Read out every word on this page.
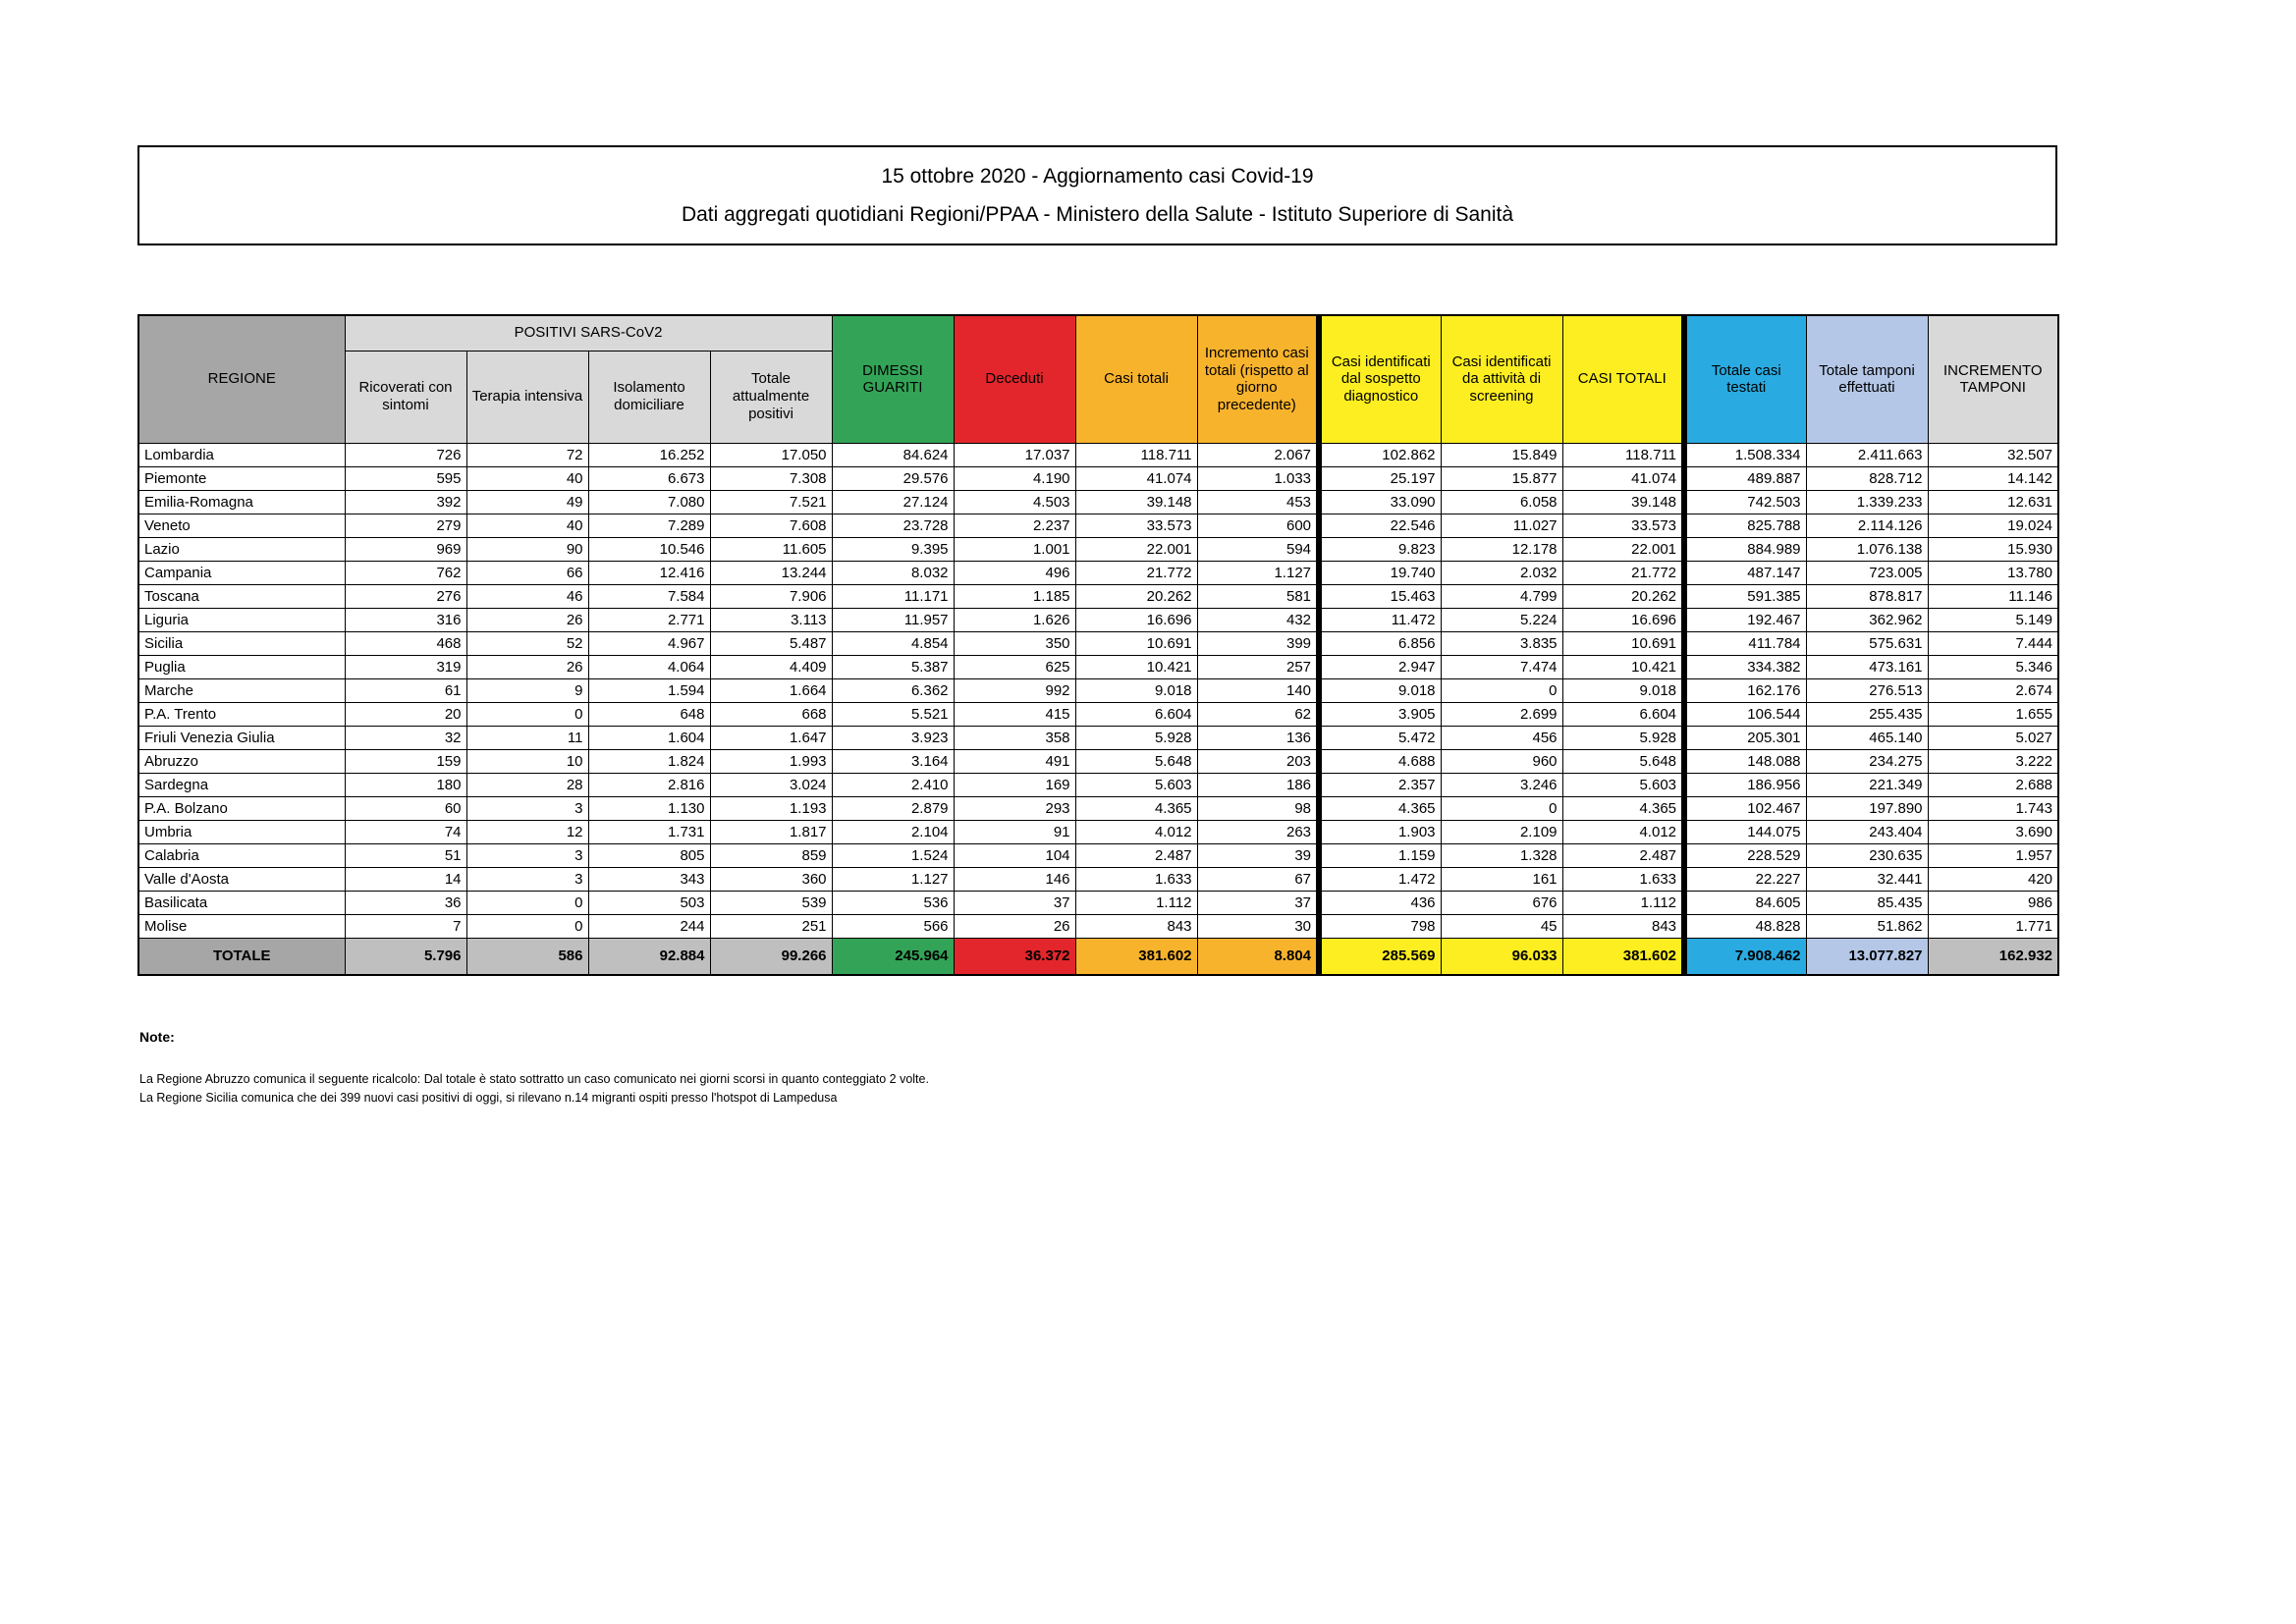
15 ottobre 2020 - Aggiornamento casi Covid-19
Dati aggregati quotidiani Regioni/PPAA - Ministero della Salute - Istituto Superiore di Sanità
REGIONE	POSITIVI SARS-CoV2				DIMESSI GUARITI	Deceduti	Casi totali	Incremento casi totali (rispetto al giorno precedente)	Casi identificati dal sospetto diagnostico	Casi identificati da attività di screening	CASI TOTALI	Totale casi testati	Totale tamponi effettuati	INCREMENTO TAMPONI
	Ricoverati con sintomi	Terapia intensiva	Isolamento domiciliare	Totale attualmente positivi										
Lombardia	726	72	16.252	17.050	84.624	17.037	118.711	2.067	102.862	15.849	118.711	1.508.334	2.411.663	32.507
Piemonte	595	40	6.673	7.308	29.576	4.190	41.074	1.033	25.197	15.877	41.074	489.887	828.712	14.142
Emilia-Romagna	392	49	7.080	7.521	27.124	4.503	39.148	453	33.090	6.058	39.148	742.503	1.339.233	12.631
Veneto	279	40	7.289	7.608	23.728	2.237	33.573	600	22.546	11.027	33.573	825.788	2.114.126	19.024
Lazio	969	90	10.546	11.605	9.395	1.001	22.001	594	9.823	12.178	22.001	884.989	1.076.138	15.930
Campania	762	66	12.416	13.244	8.032	496	21.772	1.127	19.740	2.032	21.772	487.147	723.005	13.780
Toscana	276	46	7.584	7.906	11.171	1.185	20.262	581	15.463	4.799	20.262	591.385	878.817	11.146
Liguria	316	26	2.771	3.113	11.957	1.626	16.696	432	11.472	5.224	16.696	192.467	362.962	5.149
Sicilia	468	52	4.967	5.487	4.854	350	10.691	399	6.856	3.835	10.691	411.784	575.631	7.444
Puglia	319	26	4.064	4.409	5.387	625	10.421	257	2.947	7.474	10.421	334.382	473.161	5.346
Marche	61	9	1.594	1.664	6.362	992	9.018	140	9.018	0	9.018	162.176	276.513	2.674
P.A. Trento	20	0	648	668	5.521	415	6.604	62	3.905	2.699	6.604	106.544	255.435	1.655
Friuli Venezia Giulia	32	11	1.604	1.647	3.923	358	5.928	136	5.472	456	5.928	205.301	465.140	5.027
Abruzzo	159	10	1.824	1.993	3.164	491	5.648	203	4.688	960	5.648	148.088	234.275	3.222
Sardegna	180	28	2.816	3.024	2.410	169	5.603	186	2.357	3.246	5.603	186.956	221.349	2.688
P.A. Bolzano	60	3	1.130	1.193	2.879	293	4.365	98	4.365	0	4.365	102.467	197.890	1.743
Umbria	74	12	1.731	1.817	2.104	91	4.012	263	1.903	2.109	4.012	144.075	243.404	3.690
Calabria	51	3	805	859	1.524	104	2.487	39	1.159	1.328	2.487	228.529	230.635	1.957
Valle d'Aosta	14	3	343	360	1.127	146	1.633	67	1.472	161	1.633	22.227	32.441	420
Basilicata	36	0	503	539	536	37	1.112	37	436	676	1.112	84.605	85.435	986
Molise	7	0	244	251	566	26	843	30	798	45	843	48.828	51.862	1.771
TOTALE	5.796	586	92.884	99.266	245.964	36.372	381.602	8.804	285.569	96.033	381.602	7.908.462	13.077.827	162.932

Note:

La Regione Abruzzo comunica il seguente ricalcolo: Dal totale è stato sottratto un caso comunicato nei giorni scorsi in quanto conteggiato 2 volte.

La Regione Sicilia comunica che dei 399 nuovi casi positivi di oggi, si rilevano n.14 migranti ospiti presso l'hotspot di Lampedusa
